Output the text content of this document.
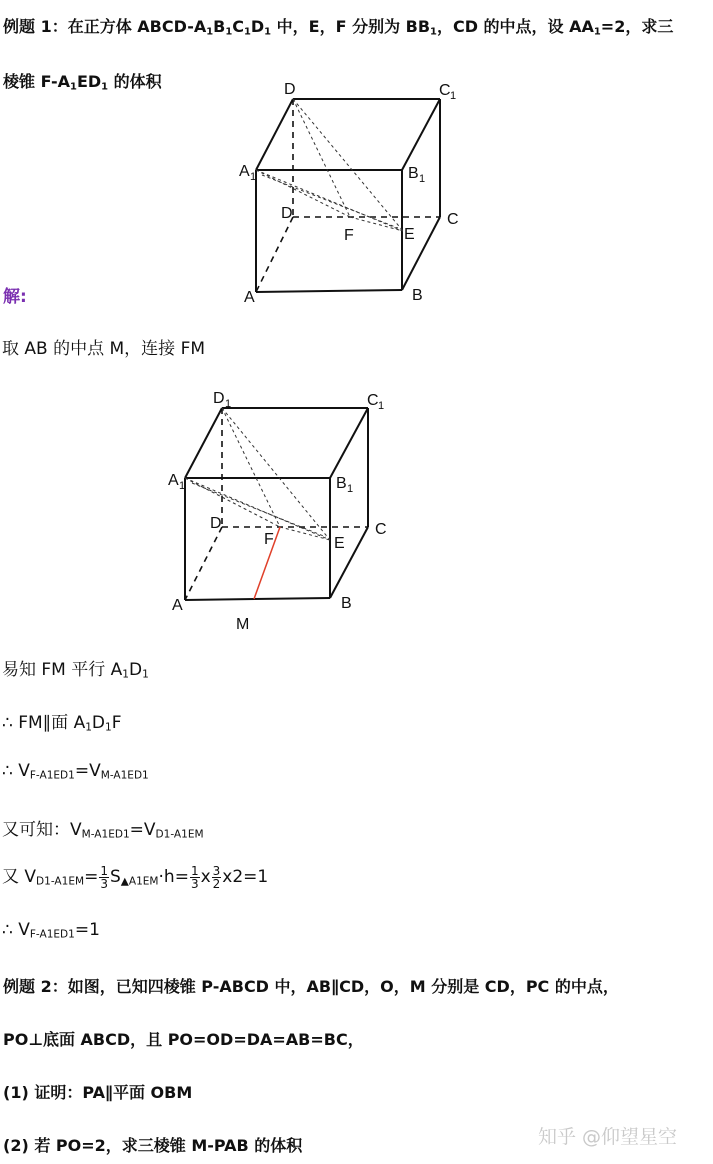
例题 1：在正方体 ABCD-$A_1B_1C_1D_1$ 中，E，F 分别为 $BB_1$，CD 的中点，设 $AA_1=2$，求三
棱锥 $F-A_1ED_1$ 的体积	D	C 1
A 1	B 1
D	C
F	E
A	B
解:
取 AB 的中点 M，连接 FM
D 1	C 1
A 1	B 1
D	C
F	E
A	B
M
易知 FM 平行 $A_1D_1$
∴ FM∥面 $A_1D_1F$
∴ $V_{F-A1ED1}=V_{M-A1ED1}$
又可知：$V_{M-A1ED1}=V_{D1-A1EM}$
又 $V_{D1-A1EM}= \frac{1}{3} S_{▲A1EM}\cdot h= \frac{1}{3}$ x $\frac{3}{2} x2=1$
∴ $V_{F-A1ED1}=1$
例题 2：如图，已知四棱锥 P-ABCD 中，AB∥CD，O，M 分别是 CD，PC 的中点，
PO⊥底面 ABCD，且 PO=OD=DA=AB=BC，
(1) 证明：PA∥平面 OBM
(2) 若 PO=2，求三棱锥 M-PAB 的体积	知乎 @仰望星空
